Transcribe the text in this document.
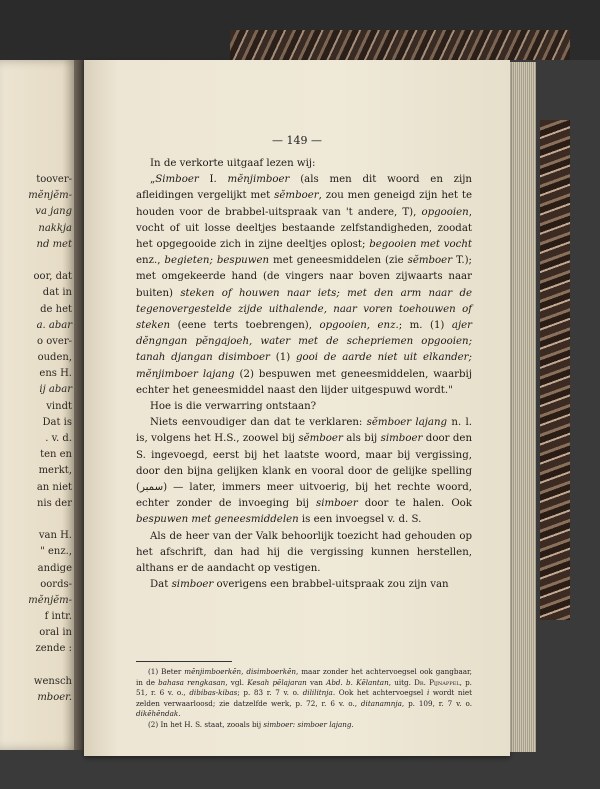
toover-
mĕnjĕm-
va jang
nakkja
nd met
oor, dat
dat in
de het
a. abar
o over-
ouden,
ens H.
ij abar
vindt
Dat is
. v. d.
ten en
merkt,
an niet
nis der
van H.
" enz.,
andige
oords-
mĕnjĕm-
f intr.
oral in
zende :
wensch
mboer.
— 149 —

In de verkorte uitgaaf lezen wij:

„Simboer I. mĕnjimboer (als men dit woord en zijn afleidingen vergelijkt met sĕmboer, zou men geneigd zijn het te houden voor de brabbel-uitspraak van 't andere, T), opgooien, vocht of uit losse deeltjes bestaande zelfstandigheden, zoodat het opgegooide zich in zijne deeltjes oplost; begooien met vocht enz., begieten; bespuwen met geneesmiddelen (zie sĕmboer T.); met omgekeerde hand (de vingers naar boven zijwaarts naar buiten) steken of houwen naar iets; met den arm naar de tegenovergestelde zijde uithalende, naar voren toehouwen of steken (eene terts toebrengen), opgooien, enz.; m. (1) ajer dĕngngan pĕngajoeh, water met de schepriemen opgooien; tanah djangan disimboer (1) gooi de aarde niet uit elkander; mĕnjimboer lajang (2) bespuwen met geneesmiddelen, waarbij echter het geneesmiddel naast den lijder uitgespuwd wordt."

Hoe is die verwarring ontstaan?

Niets eenvoudiger dan dat te verklaren: sĕmboer lajang n. l. is, volgens het H.S., zoowel bij sĕmboer als bij simboer door den S. ingevoegd, eerst bij het laatste woord, maar bij vergissing, door den bijna gelijken klank en vooral door de gelijke spelling (سمبر) — later, immers meer uitvoerig, bij het rechte woord, echter zonder de invoeging bij simboer door te halen. Ook bespuwen met geneesmiddelen is een invoegsel v. d. S.

Als de heer van der Valk behoorlijk toezicht had gehouden op het afschrift, dan had hij die vergissing kunnen herstellen, althans er de aandacht op vestigen.

Dat simboer overigens een brabbel-uitspraak zou zijn van

(1) Beter mĕnjimboerkĕn, disimboerkĕn, maar zonder het achtervoegsel ook gangbaar, in de bahasa rengkasan, vgl. Kesah pĕlajaran van Abd. b. Kĕlantan, uitg. Dr. Pijnappel, p. 51, r. 6 v. o., dibibas-kibas; p. 83 r. 7 v. o. dililitnja. Ook het achtervoegsel i wordt niet zelden verwaarloosd; zie datzelfde werk, p. 72, r. 6 v. o., ditanamnja, p. 109, r. 7 v. o. dikĕhĕndak.

(2) In het H. S. staat, zooals bij simboer: simboer lajang.
